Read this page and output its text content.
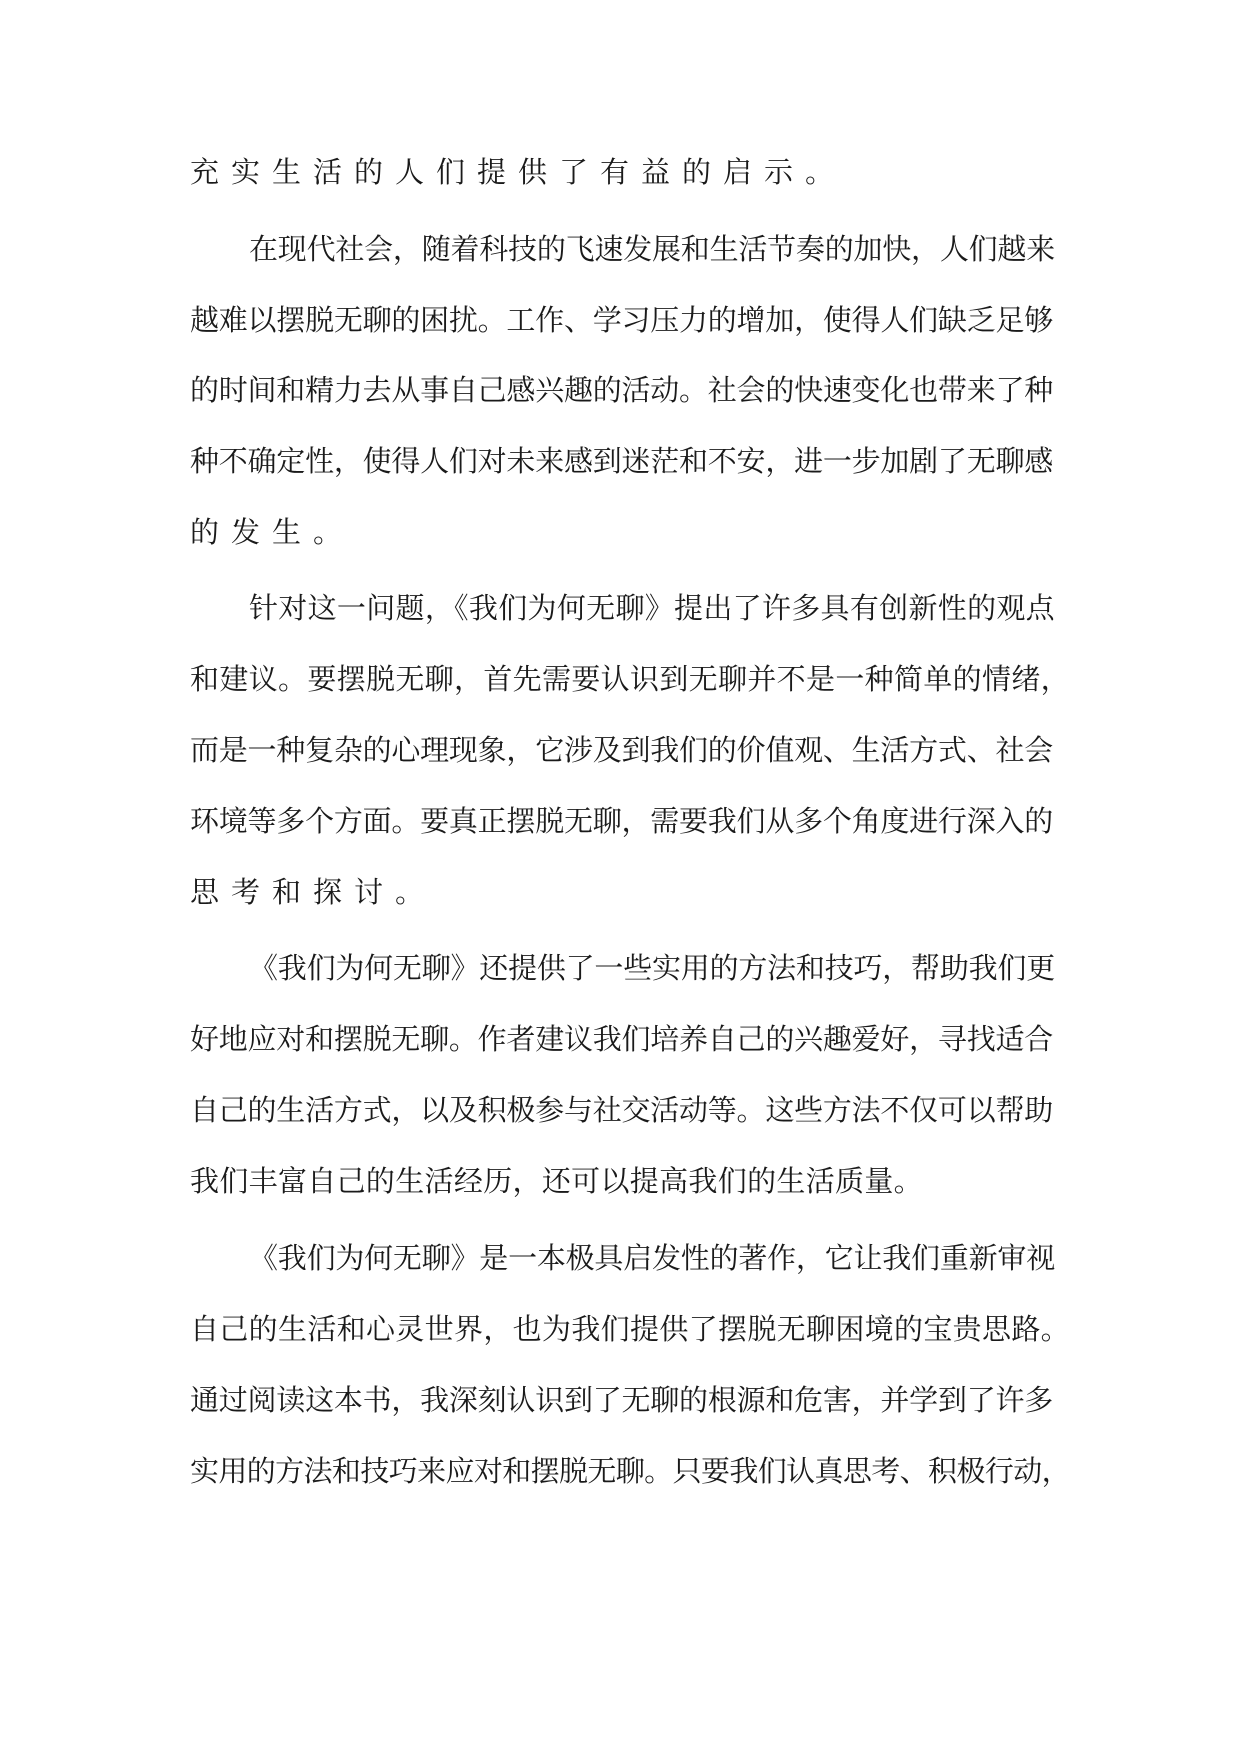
充实生活的人们提供了有益的启示。

在现代社会，随着科技的飞速发展和生活节奏的加快，人们越来

越难以摆脱无聊的困扰。工作、学习压力的增加，使得人们缺乏足够

的时间和精力去从事自己感兴趣的活动。社会的快速变化也带来了种

种不确定性，使得人们对未来感到迷茫和不安，进一步加剧了无聊感

的发生。

针对这一问题，《我们为何无聊》提出了许多具有创新性的观点

和建议。要摆脱无聊，首先需要认识到无聊并不是一种简单的情绪，

而是一种复杂的心理现象，它涉及到我们的价值观、生活方式、社会

环境等多个方面。要真正摆脱无聊，需要我们从多个角度进行深入的

思考和探讨。

《我们为何无聊》还提供了一些实用的方法和技巧，帮助我们更

好地应对和摆脱无聊。作者建议我们培养自己的兴趣爱好，寻找适合

自己的生活方式，以及积极参与社交活动等。这些方法不仅可以帮助

我们丰富自己的生活经历，还可以提高我们的生活质量。

《我们为何无聊》是一本极具启发性的著作，它让我们重新审视

自己的生活和心灵世界，也为我们提供了摆脱无聊困境的宝贵思路。

通过阅读这本书，我深刻认识到了无聊的根源和危害，并学到了许多

实用的方法和技巧来应对和摆脱无聊。只要我们认真思考、积极行动，
